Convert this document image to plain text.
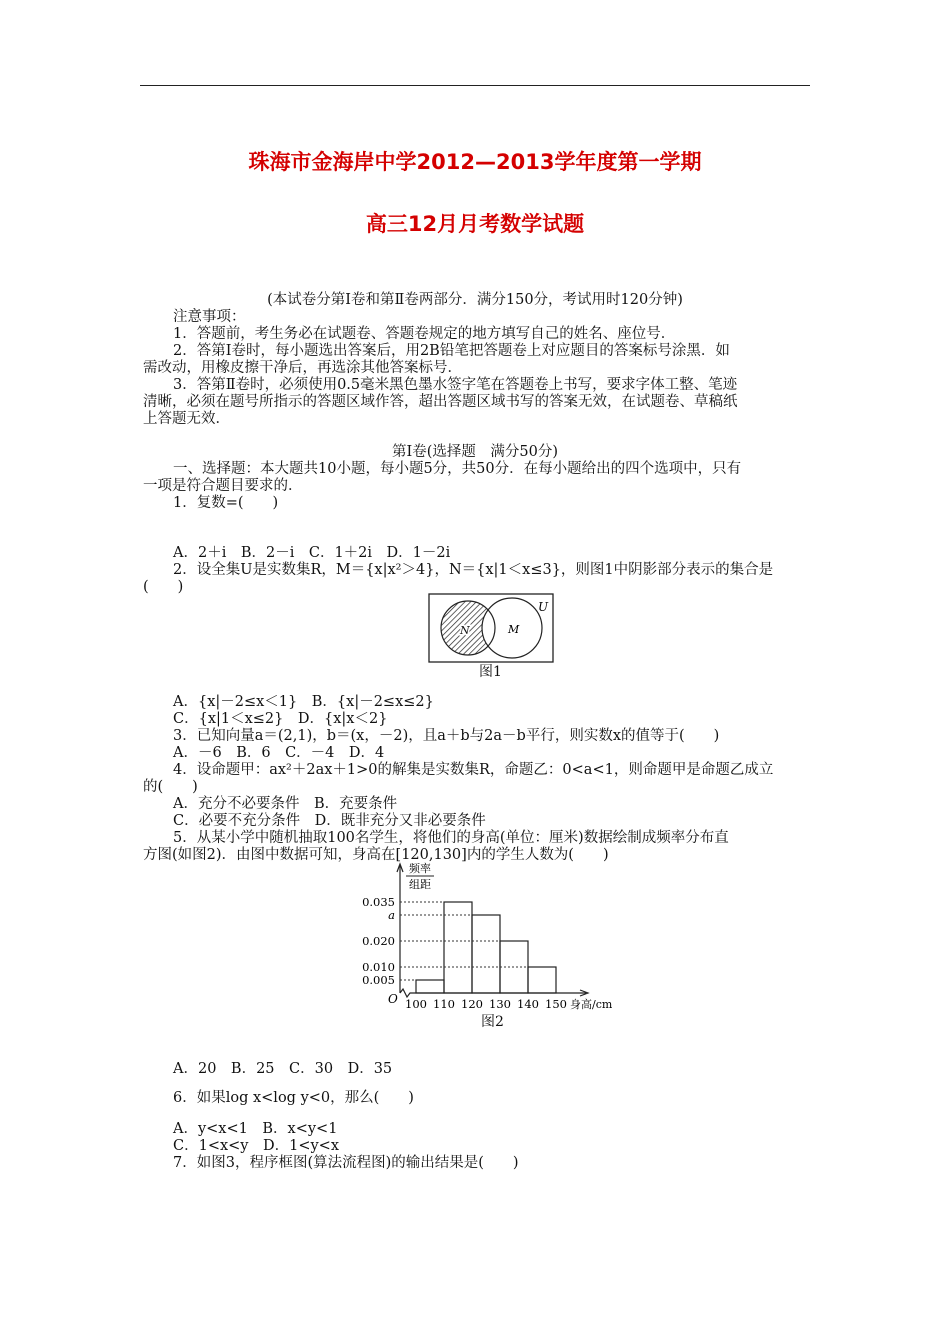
珠海市金海岸中学2012—2013学年度第一学期
高三12月月考数学试题
(本试卷分第Ⅰ卷和第Ⅱ卷两部分．满分150分，考试用时120分钟)
注意事项：
1．答题前，考生务必在试题卷、答题卷规定的地方填写自己的姓名、座位号．
2．答第Ⅰ卷时，每小题选出答案后，用2B铅笔把答题卷上对应题目的答案标号涂黑．如
需改动，用橡皮擦干净后，再选涂其他答案标号．
3．答第Ⅱ卷时，必须使用0.5毫米黑色墨水签字笔在答题卷上书写，要求字体工整、笔迹
清晰，必须在题号所指示的答题区域作答，超出答题区域书写的答案无效，在试题卷、草稿纸
上答题无效．
第Ⅰ卷(选择题　满分50分)
一、选择题：本大题共10小题，每小题5分，共50分．在每小题给出的四个选项中，只有
一项是符合题目要求的．
1．复数=(　　)
A．2＋i　B．2－i　C．1＋2i　D．1－2i
2．设全集U是实数集R，M＝{x|x²＞4}，N＝{x|1＜x≤3}，则图1中阴影部分表示的集合是
(　　)
U
N	M
图1
A．{x|－2≤x＜1}　B．{x|－2≤x≤2}
C．{x|1＜x≤2}　D．{x|x＜2}
3．已知向量a＝(2,1)，b＝(x，－2)，且a＋b与2a－b平行，则实数x的值等于(　　)
A．－6　B．6　C．－4　D．4
4．设命题甲：ax²＋2ax＋1>0的解集是实数集R，命题乙：0<a<1，则命题甲是命题乙成立
的(　　)
A．充分不必要条件　B．充要条件
C．必要不充分条件　D．既非充分又非必要条件
5．从某小学中随机抽取100名学生，将他们的身高(单位：厘米)数据绘制成频率分布直
方图(如图2)．由图中数据可知，身高在[120,130]内的学生人数为(　　)
0.035
a
0.020
0.010
0.005
100 110 120 130 140 150 身高/cm
O
频率
组距
图2
A．20　B．25　C．30　D．35
6．如果log x<log y<0，那么(　　)
A．y<x<1　B．x<y<1
C．1<x<y　D．1<y<x
7．如图3，程序框图(算法流程图)的输出结果是(　　)
